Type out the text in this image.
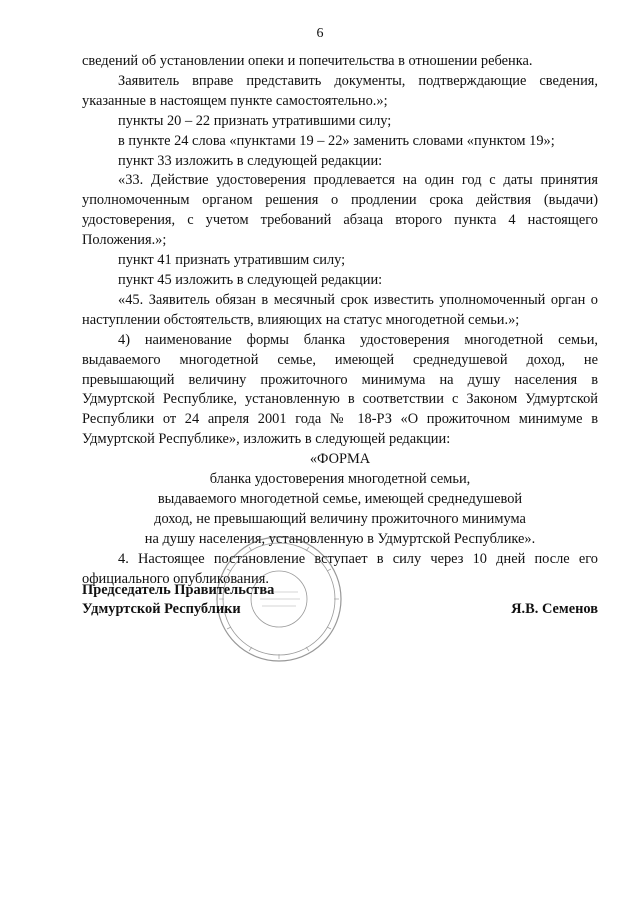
6

сведений об установлении опеки и попечительства в отношении ребенка.

Заявитель вправе представить документы, подтверждающие сведения, указанные в настоящем пункте самостоятельно.»;

пункты 20 – 22 признать утратившими силу;

в пункте 24 слова «пунктами 19 – 22» заменить словами «пунктом 19»;

пункт 33 изложить в следующей редакции:

«33. Действие удостоверения продлевается на один год с даты принятия уполномоченным органом решения о продлении срока действия (выдачи) удостоверения, с учетом требований абзаца второго пункта 4 настоящего Положения.»;

пункт 41 признать утратившим силу;

пункт 45 изложить в следующей редакции:

«45. Заявитель обязан в месячный срок известить уполномоченный орган о наступлении обстоятельств, влияющих на статус многодетной семьи.»;

4) наименование формы бланка удостоверения многодетной семьи, выдаваемого многодетной семье, имеющей среднедушевой доход, не превышающий величину прожиточного минимума на душу населения в Удмуртской Республике, установленную в соответствии с Законом Удмуртской Республики от 24 апреля 2001 года № 18-РЗ «О прожиточном минимуме в Удмуртской Республике», изложить в следующей редакции:

«ФОРМА

бланка удостоверения многодетной семьи,

выдаваемого многодетной семье, имеющей среднедушевой

доход, не превышающий величину прожиточного минимума

на душу населения, установленную в Удмуртской Республике».

4. Настоящее постановление вступает в силу через 10 дней после его официального опубликования.

Председатель Правительства
Удмуртской Республики	Я.В. Семенов
